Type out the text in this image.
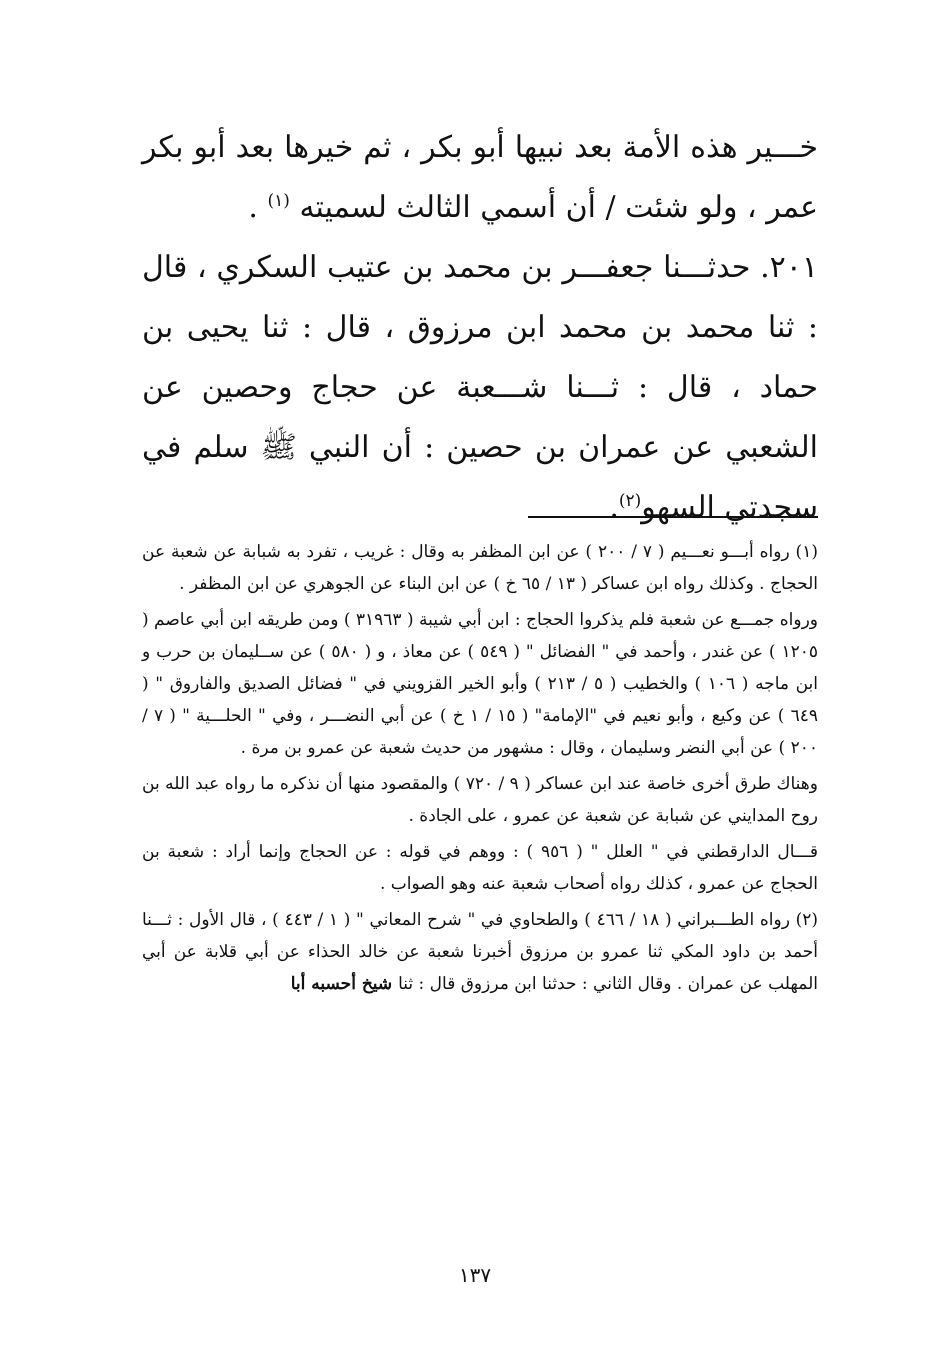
خـــير هذه الأمة بعد نبيها أبو بكر ، ثم خيرها بعد أبو بكر عمر ، ولو شئت / أن أسمي الثالث لسميته $^{(١)}$ .

٢٠١. حدثـــنا جعفـــر بن محمد بن عتيب السكري ، قال : ثنا محمد بن محمد ابن مرزوق ، قال : ثنا يحيى بن حماد ، قال : ثـــنا شـــعبة عن حجاج وحصين عن الشعبي عن عمران بن حصين : أن النبي ﷺ سلم في سجدتي السهو$^{(٢)}$.

(١) رواه أبـــو نعـــيم ( ٧ / ٢٠٠ ) عن ابن المظفر به وقال : غريب ، تفرد به شبابة عن شعبة عن الحجاج . وكذلك رواه ابن عساكر ( ١٣ / ٦٥ خ ) عن ابن البناء عن الجوهري عن ابن المظفر .

ورواه جمـــع عن شعبة فلم يذكروا الحجاج : ابن أبي شيبة ( ٣١٩٦٣ ) ومن طريقه ابن أبي عاصم ( ١٢٠٥ ) عن غندر ، وأحمد في " الفضائل " ( ٥٤٩ ) عن معاذ ، و ( ٥٨٠ ) عن ســليمان بن حرب و ابن ماجه ( ١٠٦ ) والخطيب ( ٥ / ٢١٣ ) وأبو الخير القزويني في " فضائل الصديق والفاروق " ( ٦٤٩ ) عن وكيع ، وأبو نعيم في "الإمامة" ( ١٥ / ١ خ ) عن أبي النضـــر ، وفي " الحلـــية " ( ٧ / ٢٠٠ ) عن أبي النضر وسليمان ، وقال : مشهور من حديث شعبة عن عمرو بن مرة .

وهناك طرق أخرى خاصة عند ابن عساكر ( ٩ / ٧٢٠ ) والمقصود منها أن نذكره ما رواه عبد الله بن روح المدايني عن شبابة عن شعبة عن عمرو ، على الجادة .

قـــال الدارقطني في " العلل " ( ٩٥٦ ) : ووهم في قوله : عن الحجاج وإنما أراد : شعبة بن الحجاج عن عمرو ، كذلك رواه أصحاب شعبة عنه وهو الصواب .

(٢) رواه الطـــبراني ( ١٨ / ٤٦٦ ) والطحاوي في " شرح المعاني " ( ١ / ٤٤٣ ) ، قال الأول : ثـــنا أحمد بن داود المكي ثنا عمرو بن مرزوق أخبرنا شعبة عن خالد الحذاء عن أبي قلابة عن أبي المهلب عن عمران . وقال الثاني : حدثنا ابن مرزوق قال : ثنا شيخ أحسبه أبا

١٣٧
